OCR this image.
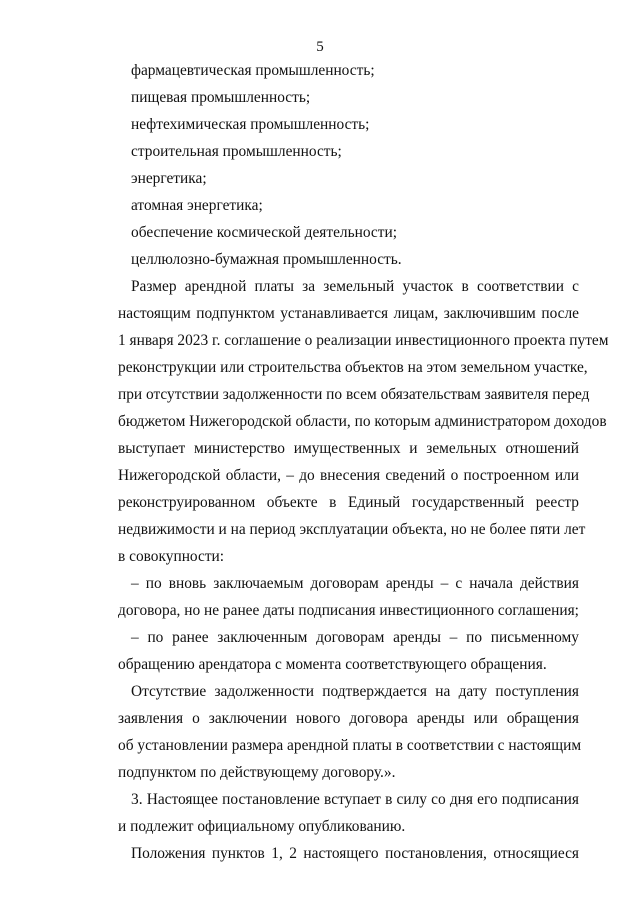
5
фармацевтическая промышленность;
пищевая промышленность;
нефтехимическая промышленность;
строительная промышленность;
энергетика;
атомная энергетика;
обеспечение космической деятельности;
целлюлозно-бумажная промышленность.
Размер арендной платы за земельный участок в соответствии с
настоящим подпунктом устанавливается лицам, заключившим после
1 января 2023 г. соглашение о реализации инвестиционного проекта путем
реконструкции или строительства объектов на этом земельном участке,
при отсутствии задолженности по всем обязательствам заявителя перед
бюджетом Нижегородской области, по которым администратором доходов
выступает министерство имущественных и земельных отношений
Нижегородской области, – до внесения сведений о построенном или
реконструированном объекте в Единый государственный реестр
недвижимости и на период эксплуатации объекта, но не более пяти лет
в совокупности:
– по вновь заключаемым договорам аренды – с начала действия
договора, но не ранее даты подписания инвестиционного соглашения;
– по ранее заключенным договорам аренды – по письменному
обращению арендатора с момента соответствующего обращения.
Отсутствие задолженности подтверждается на дату поступления
заявления о заключении нового договора аренды или обращения
об установлении размера арендной платы в соответствии с настоящим
подпунктом по действующему договору.».
3. Настоящее постановление вступает в силу со дня его подписания
и подлежит официальному опубликованию.
Положения пунктов 1, 2 настоящего постановления, относящиеся
